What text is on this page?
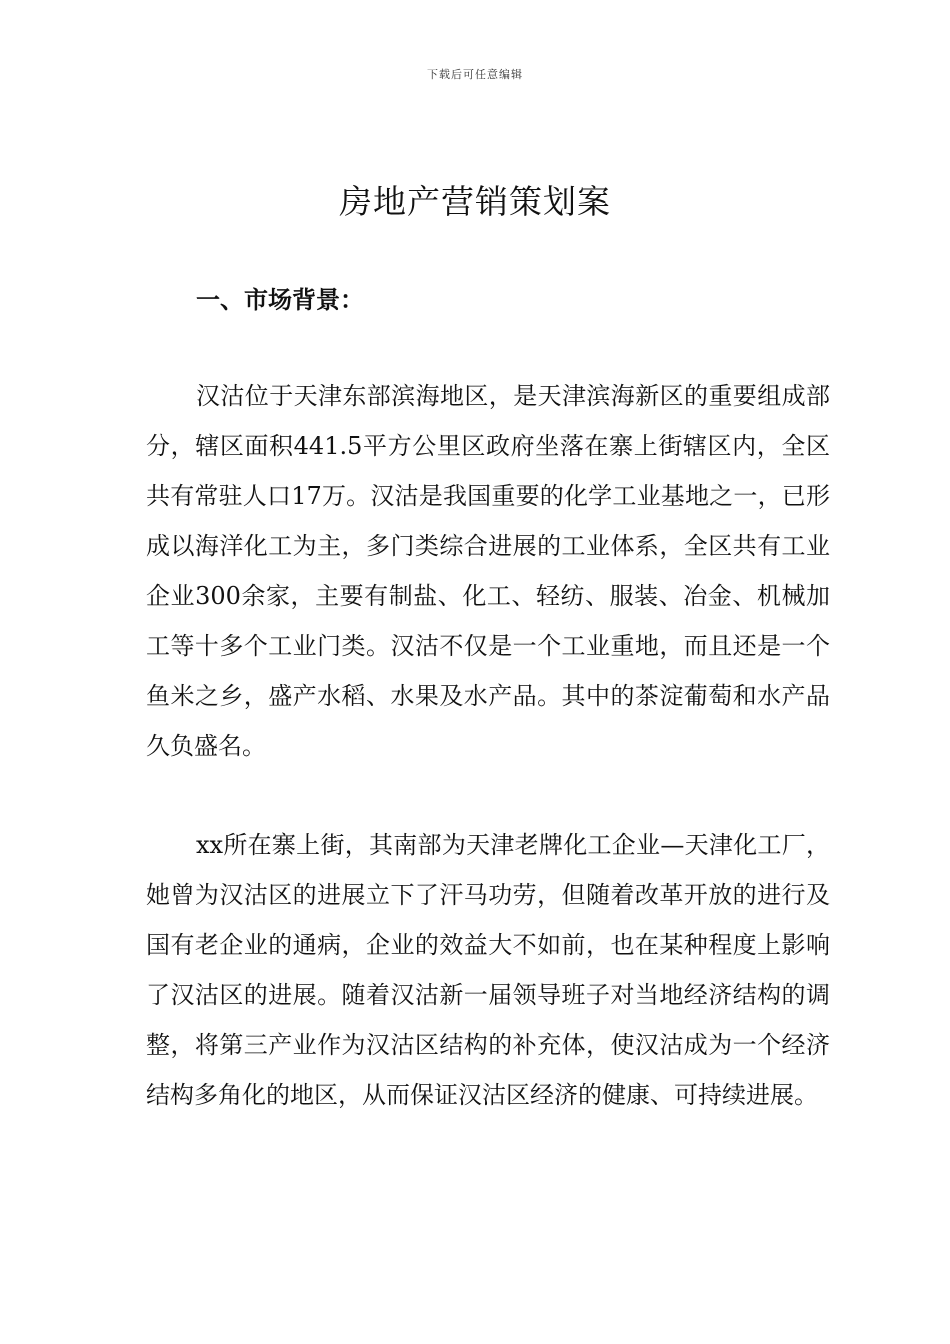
下载后可任意编辑
房地产营销策划案
一、市场背景：

汉沽位于天津东部滨海地区，是天津滨海新区的重要组成部分，辖区面积441.5平方公里区政府坐落在寨上街辖区内，全区共有常驻人口17万。汉沽是我国重要的化学工业基地之一，已形成以海洋化工为主，多门类综合进展的工业体系，全区共有工业企业300余家，主要有制盐、化工、轻纺、服装、冶金、机械加工等十多个工业门类。汉沽不仅是一个工业重地，而且还是一个鱼米之乡，盛产水稻、水果及水产品。其中的茶淀葡萄和水产品久负盛名。

xx所在寨上街，其南部为天津老牌化工企业—天津化工厂，她曾为汉沽区的进展立下了汗马功劳，但随着改革开放的进行及国有老企业的通病，企业的效益大不如前，也在某种程度上影响了汉沽区的进展。随着汉沽新一届领导班子对当地经济结构的调整，将第三产业作为汉沽区结构的补充体，使汉沽成为一个经济结构多角化的地区，从而保证汉沽区经济的健康、可持续进展。
